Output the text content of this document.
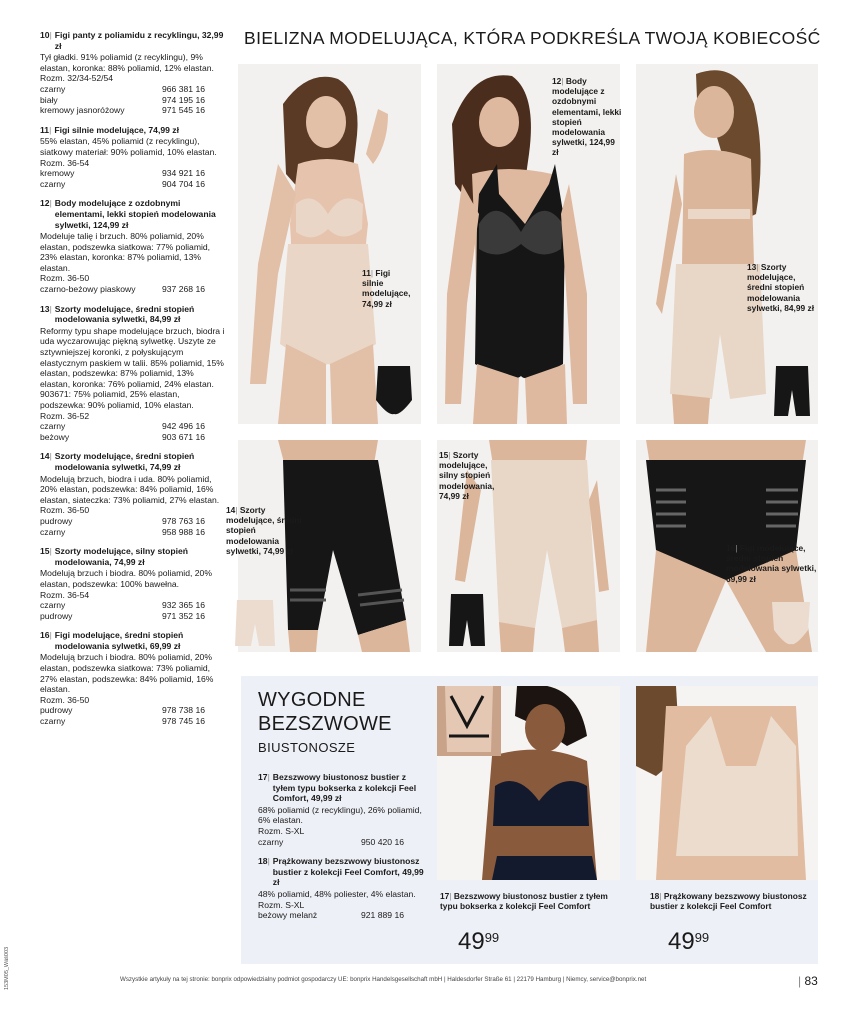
10| Figi panty z poliamidu z recyklingu, 32,99 zł
Tył gładki. 91% poliamid (z recyklingu), 9% elastan, koronka: 88% poliamid, 12% elastan.
Rozm. 32/34-52/54
czarny	966 381 16
biały	974 195 16
kremowy jasnoróżowy	971 545 16
11| Figi silnie modelujące, 74,99 zł
55% elastan, 45% poliamid (z recyklingu), siatkowy materiał: 90% poliamid, 10% elastan.
Rozm. 36-54
kremowy	934 921 16
czarny	904 704 16
12| Body modelujące z ozdobnymi elementami, lekki stopień modelowania sylwetki, 124,99 zł
Modeluje talię i brzuch. 80% poliamid, 20% elastan, podszewka siatkowa: 77% poliamid, 23% elastan, koronka: 87% poliamid, 13% elastan.
Rozm. 36-50
czarno-beżowy piaskowy	937 268 16
13| Szorty modelujące, średni stopień modelowania sylwetki, 84,99 zł
Reformy typu shape modelujące brzuch, biodra i uda wyczarowując piękną sylwetkę. Uszyte ze sztywniejszej koronki, z połyskującym elastycznym paskiem w talii. 85% poliamid, 15% elastan, podszewka: 87% poliamid, 13% elastan, koronka: 76% poliamid, 24% elastan. 903671: 75% poliamid, 25% elastan, podszewka: 90% poliamid, 10% elastan.
Rozm. 36-52
czarny	942 496 16
beżowy	903 671 16
14| Szorty modelujące, średni stopień modelowania sylwetki, 74,99 zł
Modelują brzuch, biodra i uda. 80% poliamid, 20% elastan, podszewka: 84% poliamid, 16% elastan, siateczka: 73% poliamid, 27% elastan.
Rozm. 36-50
pudrowy	978 763 16
czarny	958 988 16
15| Szorty modelujące, silny stopień modelowania, 74,99 zł
Modelują brzuch i biodra. 80% poliamid, 20% elastan, podszewka: 100% bawełna.
Rozm. 36-54
czarny	932 365 16
pudrowy	971 352 16
16| Figi modelujące, średni stopień modelowania sylwetki, 69,99 zł
Modelują brzuch i biodra. 80% poliamid, 20% elastan, podszewka siatkowa: 73% poliamid, 27% elastan, podszewka: 84% poliamid, 16% elastan.
Rozm. 36-50
pudrowy	978 738 16
czarny	978 745 16
153M05_Wäš003
BIELIZNA MODELUJĄCA, KTÓRA PODKREŚLA TWOJĄ KOBIECOŚĆ
11| Figi silnie modelujące, 74,99 zł
12| Body modelujące z ozdobnymi elementami, lekki stopień modelowania sylwetki, 124,99 zł
13| Szorty modelujące, średni stopień modelowania sylwetki, 84,99 zł
14| Szorty modelujące, średni stopień modelowania sylwetki, 74,99 zł
15| Szorty modelujące, silny stopień modelowania, 74,99 zł
16| Figi modelujące, średni stopień modelowania sylwetki, 69,99 zł
WYGODNE
BEZSZWOWE
BIUSTONOSZE
17| Bezszwowy biustonosz bustier z tyłem typu bokserka z kolekcji Feel Comfort, 49,99 zł
68% poliamid (z recyklingu), 26% poliamid, 6% elastan.
Rozm. S-XL
czarny	950 420 16
18| Prążkowany bezszwowy biustonosz bustier z kolekcji Feel Comfort, 49,99 zł
48% poliamid, 48% poliester, 4% elastan.
Rozm. S-XL
beżowy melanż	921 889 16
17| Bezszwowy biustonosz bustier z tyłem typu bokserka z kolekcji Feel Comfort
$49^{99}$
18| Prążkowany bezszwowy biustonosz bustier z kolekcji Feel Comfort
$49^{99}$
Wszystkie artykuły na tej stronie: bonprix odpowiedzialny podmiot gospodarczy UE: bonprix Handelsgesellschaft mbH | Haldesdorfer Straße 61 | 22179 Hamburg | Niemcy, service@bonprix.net	| 83
